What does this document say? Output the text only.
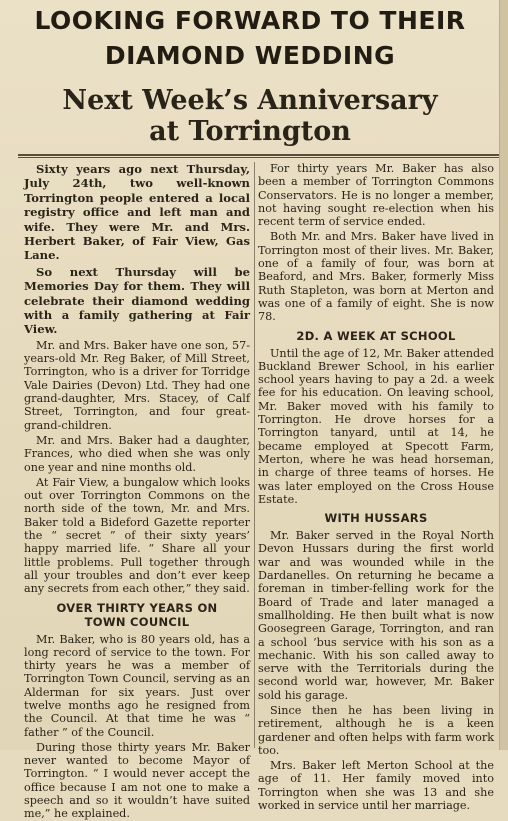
LOOKING FORWARD TO THEIR
DIAMOND WEDDING
Next Week’s Anniversary
at Torrington

Sixty years ago next Thursday, July 24th, two well-known Torrington people entered a local registry office and left man and wife. They were Mr. and Mrs. Herbert Baker, of Fair View, Gas Lane.

So next Thursday will be Memories Day for them. They will celebrate their diamond wedding with a family gathering at Fair View.

Mr. and Mrs. Baker have one son, 57-years-old Mr. Reg Baker, of Mill Street, Torrington, who is a driver for Torridge Vale Dairies (Devon) Ltd. They had one grand-daughter, Mrs. Stacey, of Calf Street, Torrington, and four great-grand-children.

Mr. and Mrs. Baker had a daughter, Frances, who died when she was only one year and nine months old.

At Fair View, a bungalow which looks out over Torrington Commons on the north side of the town, Mr. and Mrs. Baker told a Bideford Gazette reporter the “ secret ” of their sixty years’ happy married life. “ Share all your little problems. Pull together through all your troubles and don’t ever keep any secrets from each other,” they said.

OVER THIRTY YEARS ON
TOWN COUNCIL

Mr. Baker, who is 80 years old, has a long record of service to the town. For thirty years he was a member of Torrington Town Council, serving as an Alderman for six years. Just over twelve months ago he resigned from the Council. At that time he was “ father ” of the Council.

During those thirty years Mr. Baker never wanted to become Mayor of Torrington. “ I would never accept the office because I am not one to make a speech and so it wouldn’t have suited me,” he explained.

For thirty years Mr. Baker has also been a member of Torrington Commons Conservators. He is no longer a member, not having sought re-election when his recent term of service ended.

Both Mr. and Mrs. Baker have lived in Torrington most of their lives. Mr. Baker, one of a family of four, was born at Beaford, and Mrs. Baker, formerly Miss Ruth Stapleton, was born at Merton and was one of a family of eight. She is now 78.

2D. A WEEK AT SCHOOL

Until the age of 12, Mr. Baker attended Buckland Brewer School, in his earlier school years having to pay a 2d. a week fee for his education. On leaving school, Mr. Baker moved with his family to Torrington. He drove horses for a Torrington tanyard, until at 14, he became employed at Specott Farm, Merton, where he was head horseman, in charge of three teams of horses. He was later employed on the Cross House Estate.

WITH HUSSARS

Mr. Baker served in the Royal North Devon Hussars during the first world war and was wounded while in the Dardanelles. On returning he became a foreman in timber-felling work for the Board of Trade and later managed a smallholding. He then built what is now Goosegreen Garage, Torrington, and ran a school ’bus service with his son as a mechanic. With his son called away to serve with the Territorials during the second world war, however, Mr. Baker sold his garage.

Since then he has been living in retirement, although he is a keen gardener and often helps with farm work too.

Mrs. Baker left Merton School at the age of 11. Her family moved into Torrington when she was 13 and she worked in service until her marriage.
